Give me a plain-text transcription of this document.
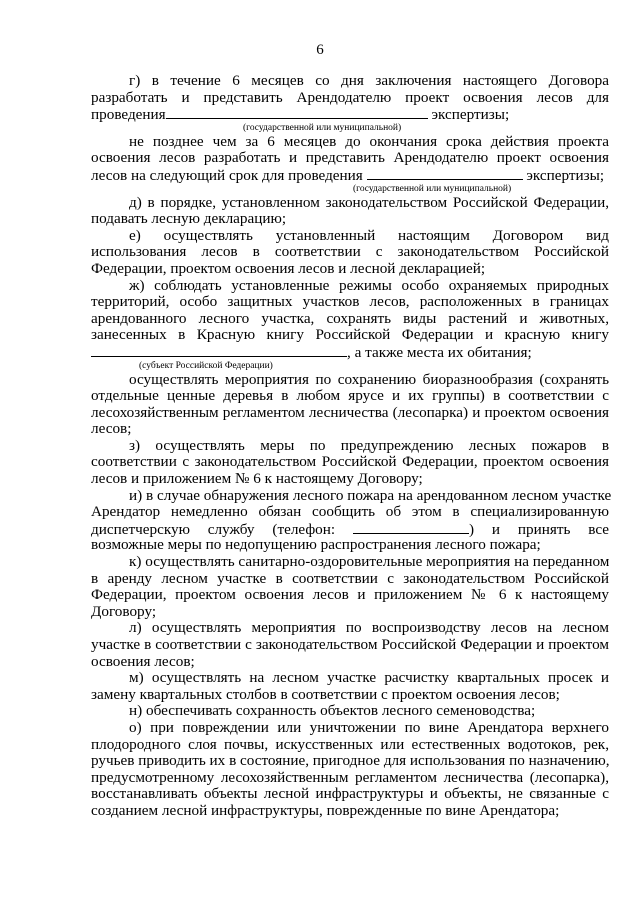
6
г) в течение 6 месяцев со дня заключения настоящего Договора
разработать и представить Арендодателю проект освоения лесов для
проведения	экспертизы;
(государственной или муниципальной)
не позднее чем за 6 месяцев до окончания срока действия проекта
освоения лесов разработать и представить Арендодателю проект освоения
лесов на следующий срок для проведения	экспертизы;
(государственной или муниципальной)
д) в порядке, установленном законодательством Российской Федерации,
подавать лесную декларацию;
е) осуществлять установленный настоящим Договором вид
использования лесов в соответствии с законодательством Российской
Федерации, проектом освоения лесов и лесной декларацией;
ж) соблюдать установленные режимы особо охраняемых природных
территорий, особо защитных участков лесов, расположенных в границах
арендованного лесного участка, сохранять виды растений и животных,
занесенных в Красную книгу Российской Федерации и красную книгу
, а также места их обитания;
(субъект Российской Федерации)
осуществлять мероприятия по сохранению биоразнообразия (сохранять
отдельные ценные деревья в любом ярусе и их группы) в соответствии с
лесохозяйственным регламентом лесничества (лесопарка) и проектом освоения
лесов;
з) осуществлять меры по предупреждению лесных пожаров в
соответствии с законодательством Российской Федерации, проектом освоения
лесов и приложением № 6 к настоящему Договору;
и) в случае обнаружения лесного пожара на арендованном лесном участке
Арендатор немедленно обязан сообщить об этом в специализированную
диспетчерскую службу (телефон:	) и принять все
возможные меры по недопущению распространения лесного пожара;
к) осуществлять санитарно-оздоровительные мероприятия на переданном
в аренду лесном участке в соответствии с законодательством Российской
Федерации, проектом освоения лесов и приложением № 6 к настоящему
Договору;
л) осуществлять мероприятия по воспроизводству лесов на лесном
участке в соответствии с законодательством Российской Федерации и проектом
освоения лесов;
м) осуществлять на лесном участке расчистку квартальных просек и
замену квартальных столбов в соответствии с проектом освоения лесов;
н) обеспечивать сохранность объектов лесного семеноводства;
о) при повреждении или уничтожении по вине Арендатора верхнего
плодородного слоя почвы, искусственных или естественных водотоков, рек,
ручьев приводить их в состояние, пригодное для использования по назначению,
предусмотренному лесохозяйственным регламентом лесничества (лесопарка),
восстанавливать объекты лесной инфраструктуры и объекты, не связанные с
созданием лесной инфраструктуры, поврежденные по вине Арендатора;
